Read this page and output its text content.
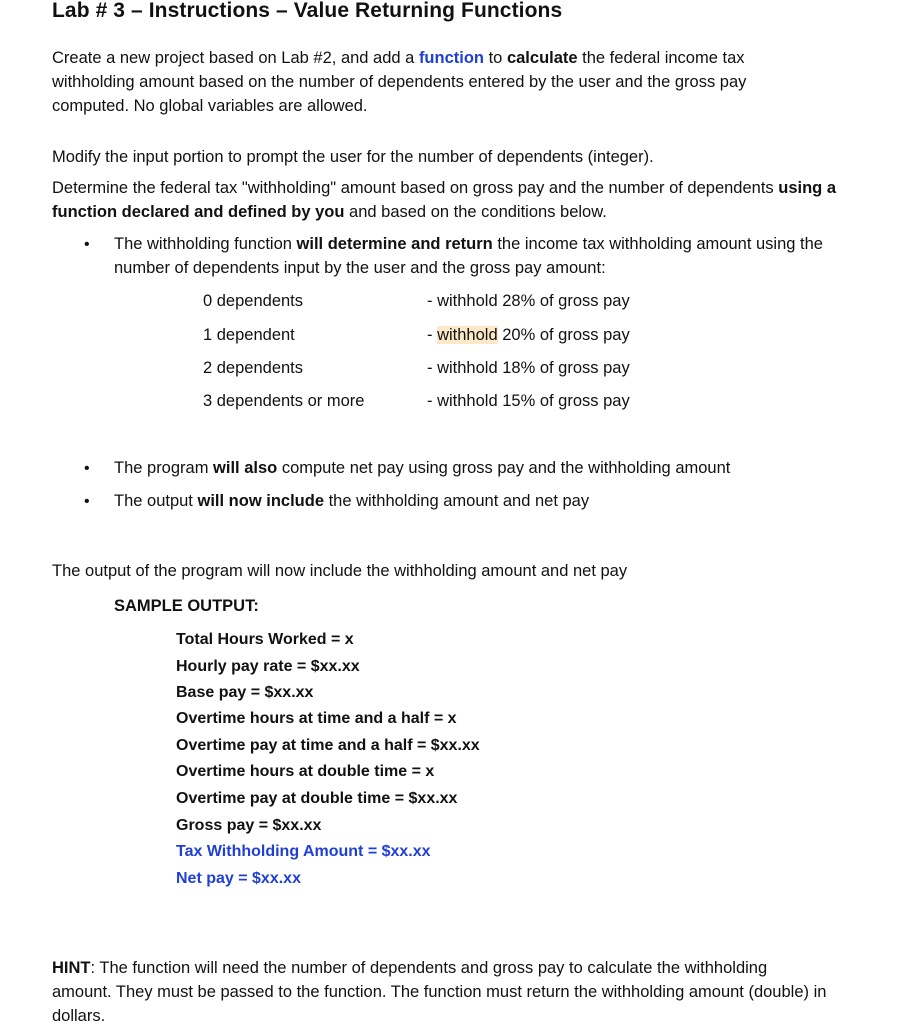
Lab # 3 – Instructions – Value Returning Functions

Create a new project based on Lab #2, and add a function to calculate the federal income tax withholding amount based on the number of dependents entered by the user and the gross pay computed. No global variables are allowed.

Modify the input portion to prompt the user for the number of dependents (integer).

Determine the federal tax "withholding" amount based on gross pay and the number of dependents using a function declared and defined by you and based on the conditions below.

• The withholding function will determine and return the income tax withholding amount using the number of dependents input by the user and the gross pay amount:

0 dependents	- withhold 28% of gross pay
1 dependent	- withhold 20% of gross pay
2 dependents	- withhold 18% of gross pay
3 dependents or more	- withhold 15% of gross pay
• The program will also compute net pay using gross pay and the withholding amount

• The output will now include the withholding amount and net pay

The output of the program will now include the withholding amount and net pay

SAMPLE OUTPUT:
Total Hours Worked = x
Hourly pay rate = $xx.xx
Base pay = $xx.xx
Overtime hours at time and a half = x
Overtime pay at time and a half = $xx.xx
Overtime hours at double time = x
Overtime pay at double time = $xx.xx
Gross pay = $xx.xx
Tax Withholding Amount = $xx.xx
Net pay = $xx.xx

HINT: The function will need the number of dependents and gross pay to calculate the withholding amount. They must be passed to the function. The function must return the withholding amount (double) in dollars.
